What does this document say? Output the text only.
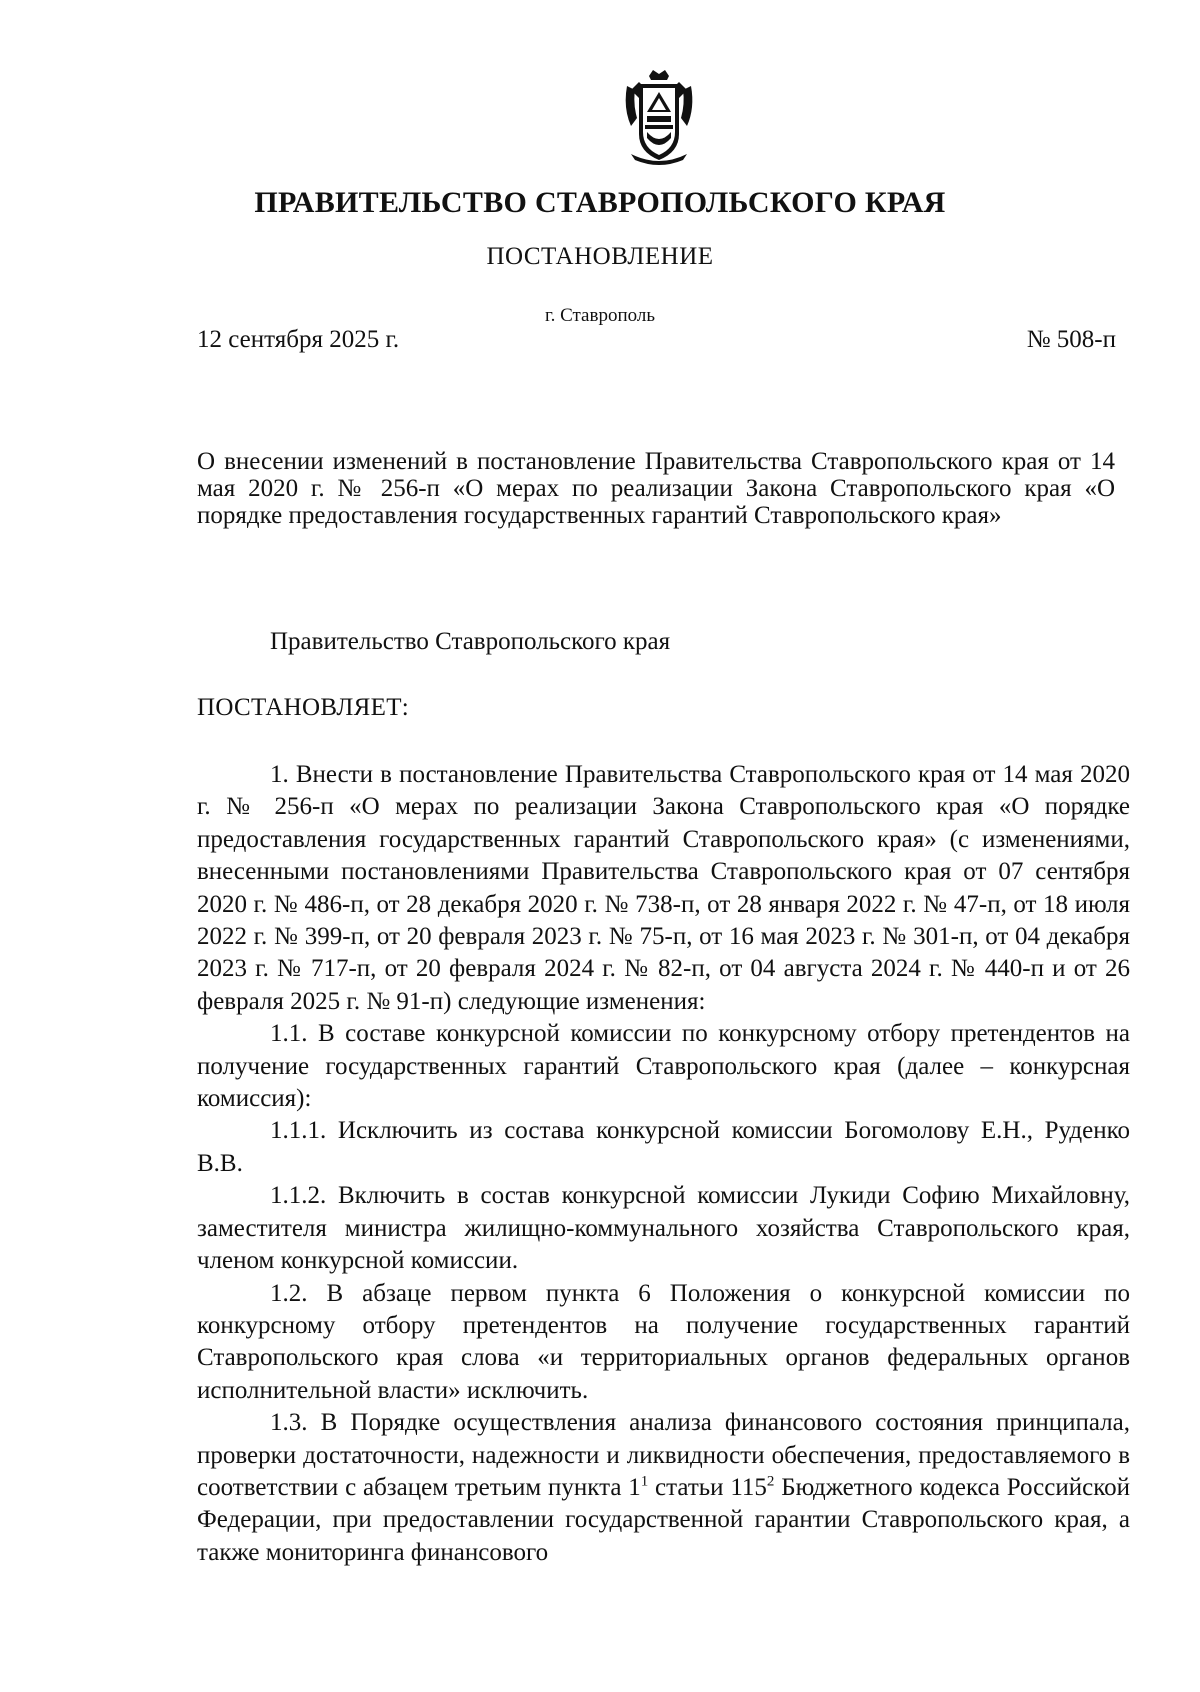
ПРАВИТЕЛЬСТВО СТАВРОПОЛЬСКОГО КРАЯ
ПОСТАНОВЛЕНИЕ
г. Ставрополь
12 сентября 2025 г.	№ 508-п
О внесении изменений в постановление Правительства Ставропольского края от 14 мая 2020 г. № 256-п «О мерах по реализации Закона Ставропольского края «О порядке предоставления государственных гарантий Ставропольского края»
Правительство Ставропольского края
ПОСТАНОВЛЯЕТ:

1. Внести в постановление Правительства Ставропольского края от 14 мая 2020 г. № 256-п «О мерах по реализации Закона Ставропольского края «О порядке предоставления государственных гарантий Ставропольского края» (с изменениями, внесенными постановлениями Правительства Ставропольского края от 07 сентября 2020 г. № 486-п, от 28 декабря 2020 г. № 738-п, от 28 января 2022 г. № 47-п, от 18 июля 2022 г. № 399-п, от 20 февраля 2023 г. № 75-п, от 16 мая 2023 г. № 301-п, от 04 декабря 2023 г. № 717-п, от 20 февраля 2024 г. № 82-п, от 04 августа 2024 г. № 440-п и от 26 февраля 2025 г. № 91-п) следующие изменения:

1.1. В составе конкурсной комиссии по конкурсному отбору претендентов на получение государственных гарантий Ставропольского края (далее – конкурсная комиссия):

1.1.1. Исключить из состава конкурсной комиссии Богомолову Е.Н., Руденко В.В.

1.1.2. Включить в состав конкурсной комиссии Лукиди Софию Михайловну, заместителя министра жилищно-коммунального хозяйства Ставропольского края, членом конкурсной комиссии.

1.2. В абзаце первом пункта 6 Положения о конкурсной комиссии по конкурсному отбору претендентов на получение государственных гарантий Ставропольского края слова «и территориальных органов федеральных органов исполнительной власти» исключить.

1.3. В Порядке осуществления анализа финансового состояния принципала, проверки достаточности, надежности и ликвидности обеспечения, предоставляемого в соответствии с абзацем третьим пункта $1^1$ статьи $115^2$ Бюджетного кодекса Российской Федерации, при предоставлении государственной гарантии Ставропольского края, а также мониторинга финансового
